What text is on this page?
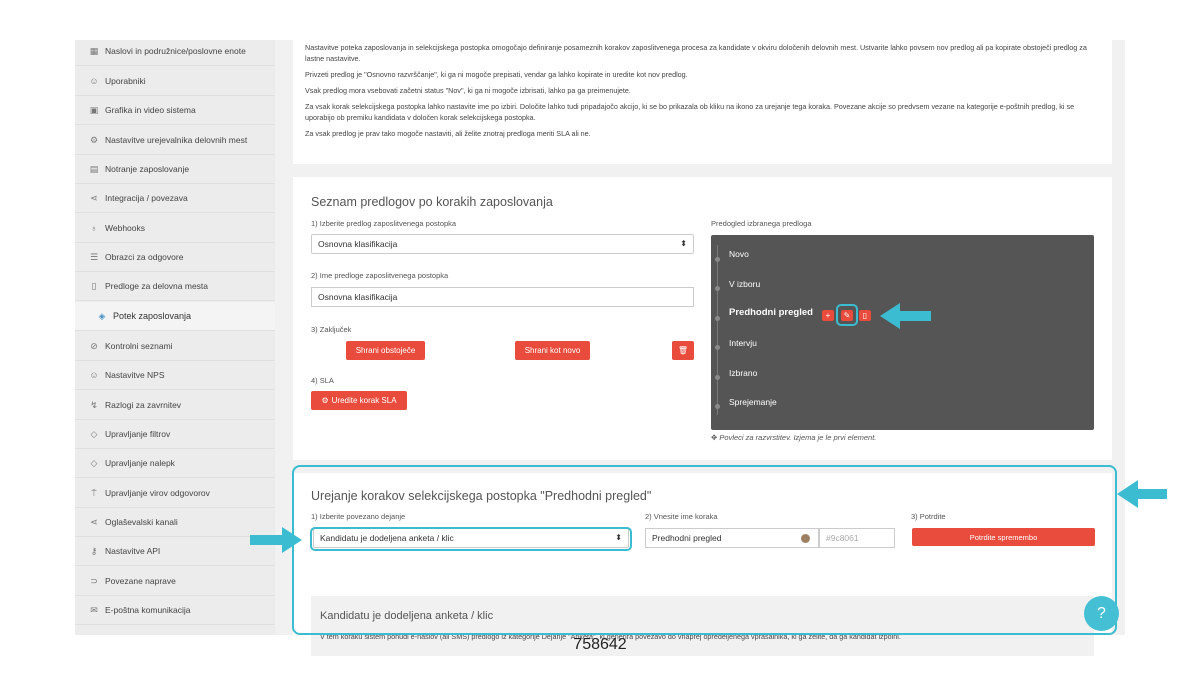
▦ Naslovi in podružnice/poslovne enote
☺ Uporabniki
▣ Grafika in video sistema
⚙ Nastavitve urejevalnika delovnih mest
▤ Notranje zaposlovanje
⋖ Integracija / povezava
♁ Webhooks
☰ Obrazci za odgovore
▯ Predloge za delovna mesta
◈ Potek zaposlovanja
⊘ Kontrolni seznami
☺ Nastavitve NPS
↯ Razlogi za zavrnitev
◇ Upravljanje filtrov
◇ Upravljanje nalepk
⍑ Upravljanje virov odgovorov
⋖ Oglaševalski kanali
⚷ Nastavitve API
⊃ Povezane naprave
✉ E-poštna komunikacija

Nastavitve poteka zaposlovanja in selekcijskega postopka omogočajo definiranje posameznih korakov zaposlitvenega procesa za kandidate v okviru določenih delovnih mest. Ustvarite lahko povsem nov predlog ali pa kopirate obstoječi predlog za lastne nastavitve.

Privzeti predlog je "Osnovno razvrščanje", ki ga ni mogoče prepisati, vendar ga lahko kopirate in uredite kot nov predlog.

Vsak predlog mora vsebovati začetni status "Nov", ki ga ni mogoče izbrisati, lahko pa ga preimenujete.

Za vsak korak selekcijskega postopka lahko nastavite ime po izbiri. Določite lahko tudi pripadajočo akcijo, ki se bo prikazala ob kliku na ikono za urejanje tega koraka. Povezane akcije so predvsem vezane na kategorije e-poštnih predlog, ki se uporabijo ob premiku kandidata v določen korak selekcijskega postopka.

Za vsak predlog je prav tako mogoče nastaviti, ali želite znotraj predloga meriti SLA ali ne.

Seznam predlogov po korakih zaposlovanja
1) Izberite predlog zaposlitvenega postopka
Osnovna klasifikacija	⬍
2) Ime predloge zaposlitvenega postopka
Osnovna klasifikacija
3) Zaključek
Shrani obstoječe	Shrani kot novo	🗑
4) SLA
⚙ Uredite korak SLA
Predogled izbranega predloga
Novo
V izboru
Predhodni pregled	+	✎ ▯
Intervju
Izbrano
Sprejemanje
✥ Povleci za razvrstitev. Izjema je le prvi element.
Urejanje korakov selekcijskega postopka "Predhodni pregled"
1) Izberite povezano dejanje
Kandidatu je dodeljena anketa / klic	⬍
2) Vnesite ime koraka
Predhodni pregled	#9c8061
3) Potrdite
Potrdite spremembo
Kandidatu je dodeljena anketa / klic
V tem koraku sistem ponudi e-naslov (ali SMS) predlogo iz kategorije Dejanje "Anketa", ki generira povezavo do vnaprej opredeljenega vprašalnika, ki ga želite, da ga kandidat izpolni.
?
758642
